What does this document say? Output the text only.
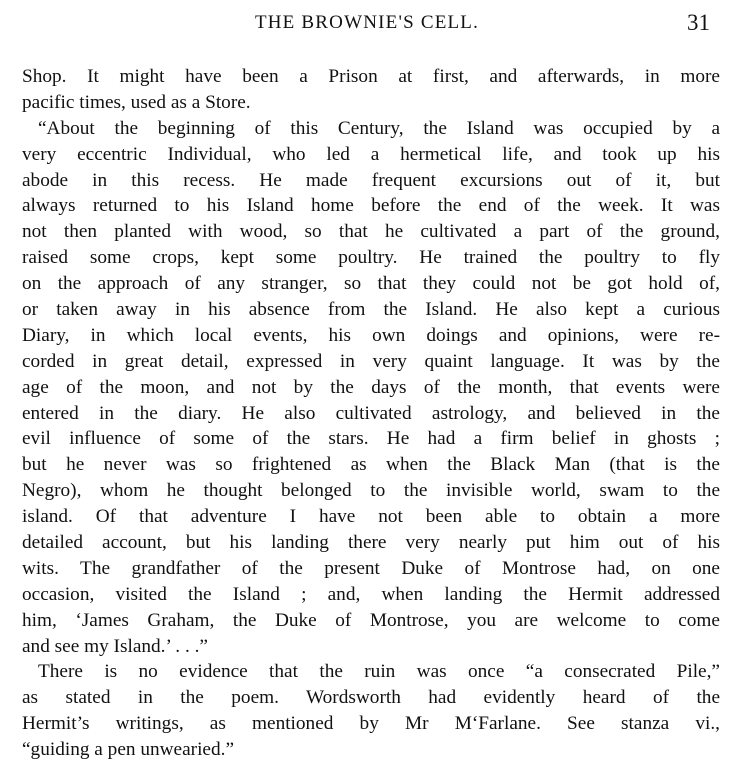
THE BROWNIE'S CELL.	31
Shop. It might have been a Prison at first, and afterwards, in more
pacific times, used as a Store.
“About the beginning of this Century, the Island was occupied by a
very eccentric Individual, who led a hermetical life, and took up his
abode in this recess. He made frequent excursions out of it, but
always returned to his Island home before the end of the week. It was
not then planted with wood, so that he cultivated a part of the ground,
raised some crops, kept some poultry. He trained the poultry to fly
on the approach of any stranger, so that they could not be got hold of,
or taken away in his absence from the Island. He also kept a curious
Diary, in which local events, his own doings and opinions, were re-
corded in great detail, expressed in very quaint language. It was by the
age of the moon, and not by the days of the month, that events were
entered in the diary. He also cultivated astrology, and believed in the
evil influence of some of the stars. He had a firm belief in ghosts ;
but he never was so frightened as when the Black Man (that is the
Negro), whom he thought belonged to the invisible world, swam to the
island. Of that adventure I have not been able to obtain a more
detailed account, but his landing there very nearly put him out of his
wits. The grandfather of the present Duke of Montrose had, on one
occasion, visited the Island ; and, when landing the Hermit addressed
him, ‘James Graham, the Duke of Montrose, you are welcome to come
and see my Island.’ . . .”
There is no evidence that the ruin was once “a consecrated Pile,”
as stated in the poem. Wordsworth had evidently heard of the
Hermit’s writings, as mentioned by Mr M‘Farlane. See stanza vi.,
“guiding a pen unwearied.”
